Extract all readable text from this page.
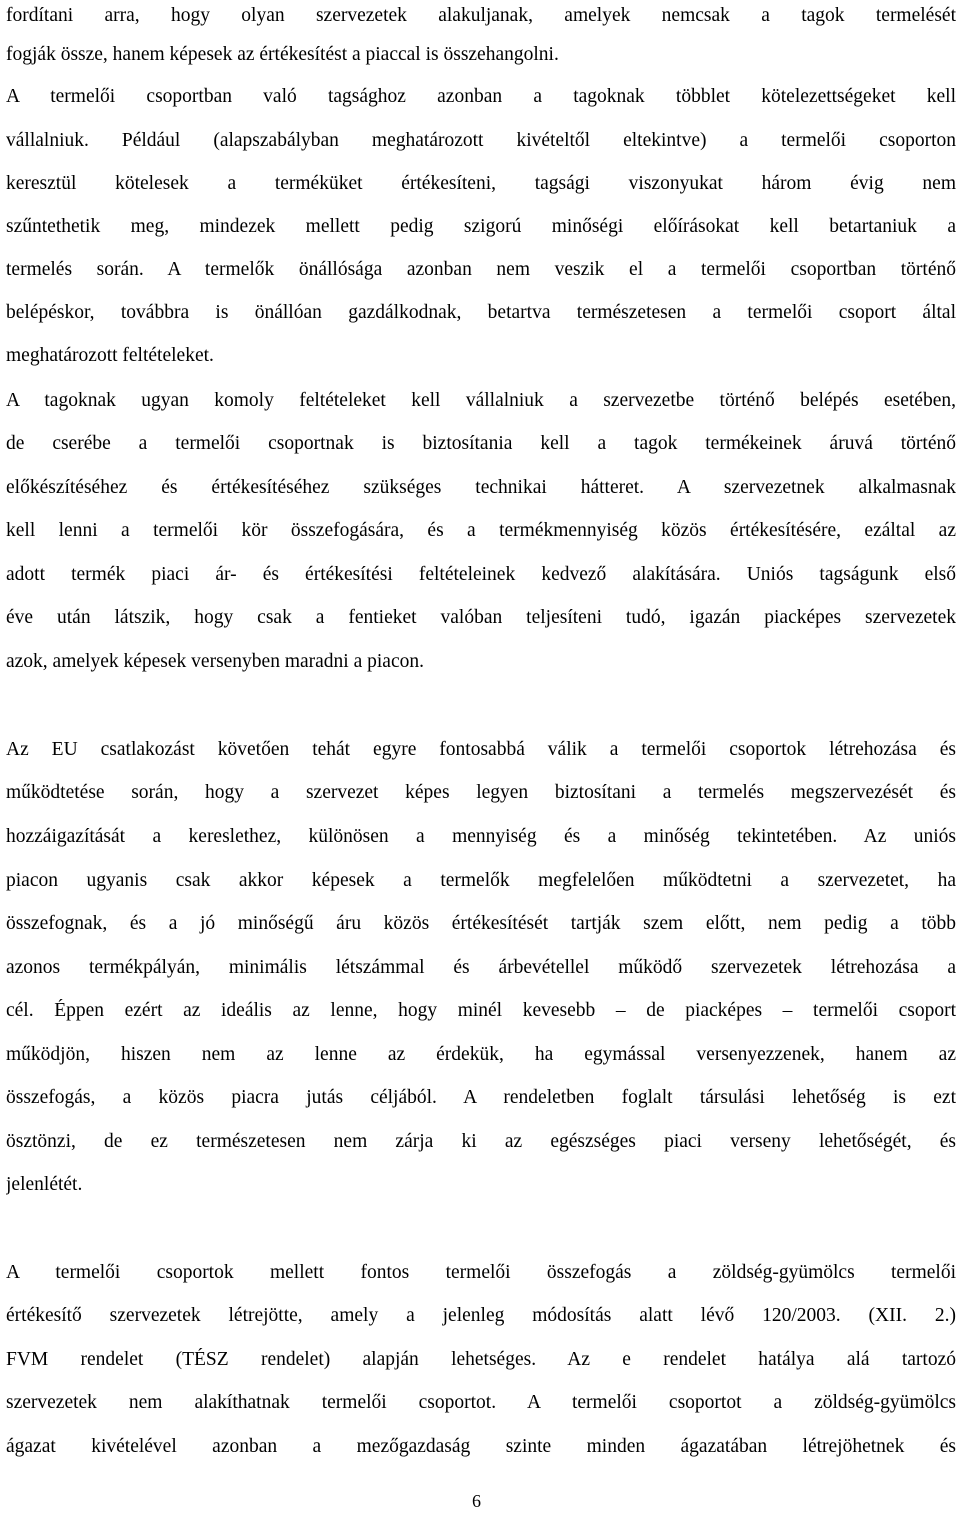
fordítani arra, hogy olyan szervezetek alakuljanak, amelyek nemcsak a tagok termelését
fogják össze, hanem képesek az értékesítést a piaccal is összehangolni.
A termelői csoportban való tagsághoz azonban a tagoknak többlet kötelezettségeket kell
vállalniuk. Például (alapszabályban meghatározott kivételtől eltekintve) a termelői csoporton
keresztül kötelesek a terméküket értékesíteni, tagsági viszonyukat három évig nem
szűntethetik meg, mindezek mellett pedig szigorú minőségi előírásokat kell betartaniuk a
termelés során. A termelők önállósága azonban nem veszik el a termelői csoportban történő
belépéskor, továbbra is önállóan gazdálkodnak, betartva természetesen a termelői csoport által
meghatározott feltételeket.
A tagoknak ugyan komoly feltételeket kell vállalniuk a szervezetbe történő belépés esetében,
de cserébe a termelői csoportnak is biztosítania kell a tagok termékeinek áruvá történő
előkészítéséhez és értékesítéséhez szükséges technikai hátteret. A szervezetnek alkalmasnak
kell lenni a termelői kör összefogására, és a termékmennyiség közös értékesítésére, ezáltal az
adott termék piaci ár- és értékesítési feltételeinek kedvező alakítására. Uniós tagságunk első
éve után látszik, hogy csak a fentieket valóban teljesíteni tudó, igazán piacképes szervezetek
azok, amelyek képesek versenyben maradni a piacon.
Az EU csatlakozást követően tehát egyre fontosabbá válik a termelői csoportok létrehozása és
működtetése során, hogy a szervezet képes legyen biztosítani a termelés megszervezését és
hozzáigazítását a kereslethez, különösen a mennyiség és a minőség tekintetében. Az uniós
piacon ugyanis csak akkor képesek a termelők megfelelően működtetni a szervezetet, ha
összefognak, és a jó minőségű áru közös értékesítését tartják szem előtt, nem pedig a több
azonos termékpályán, minimális létszámmal és árbevétellel működő szervezetek létrehozása a
cél. Éppen ezért az ideális az lenne, hogy minél kevesebb – de piacképes – termelői csoport
működjön, hiszen nem az lenne az érdekük, ha egymással versenyezzenek, hanem az
összefogás, a közös piacra jutás céljából. A rendeletben foglalt társulási lehetőség is ezt
ösztönzi, de ez természetesen nem zárja ki az egészséges piaci verseny lehetőségét, és
jelenlétét.
A termelői csoportok mellett fontos termelői összefogás a zöldség-gyümölcs termelői
értékesítő szervezetek létrejötte, amely a jelenleg módosítás alatt lévő 120/2003. (XII. 2.)
FVM rendelet (TÉSZ rendelet) alapján lehetséges. Az e rendelet hatálya alá tartozó
szervezetek nem alakíthatnak termelői csoportot. A termelői csoportot a zöldség-gyümölcs
ágazat kivételével azonban a mezőgazdaság szinte minden ágazatában létrejöhetnek és
6
